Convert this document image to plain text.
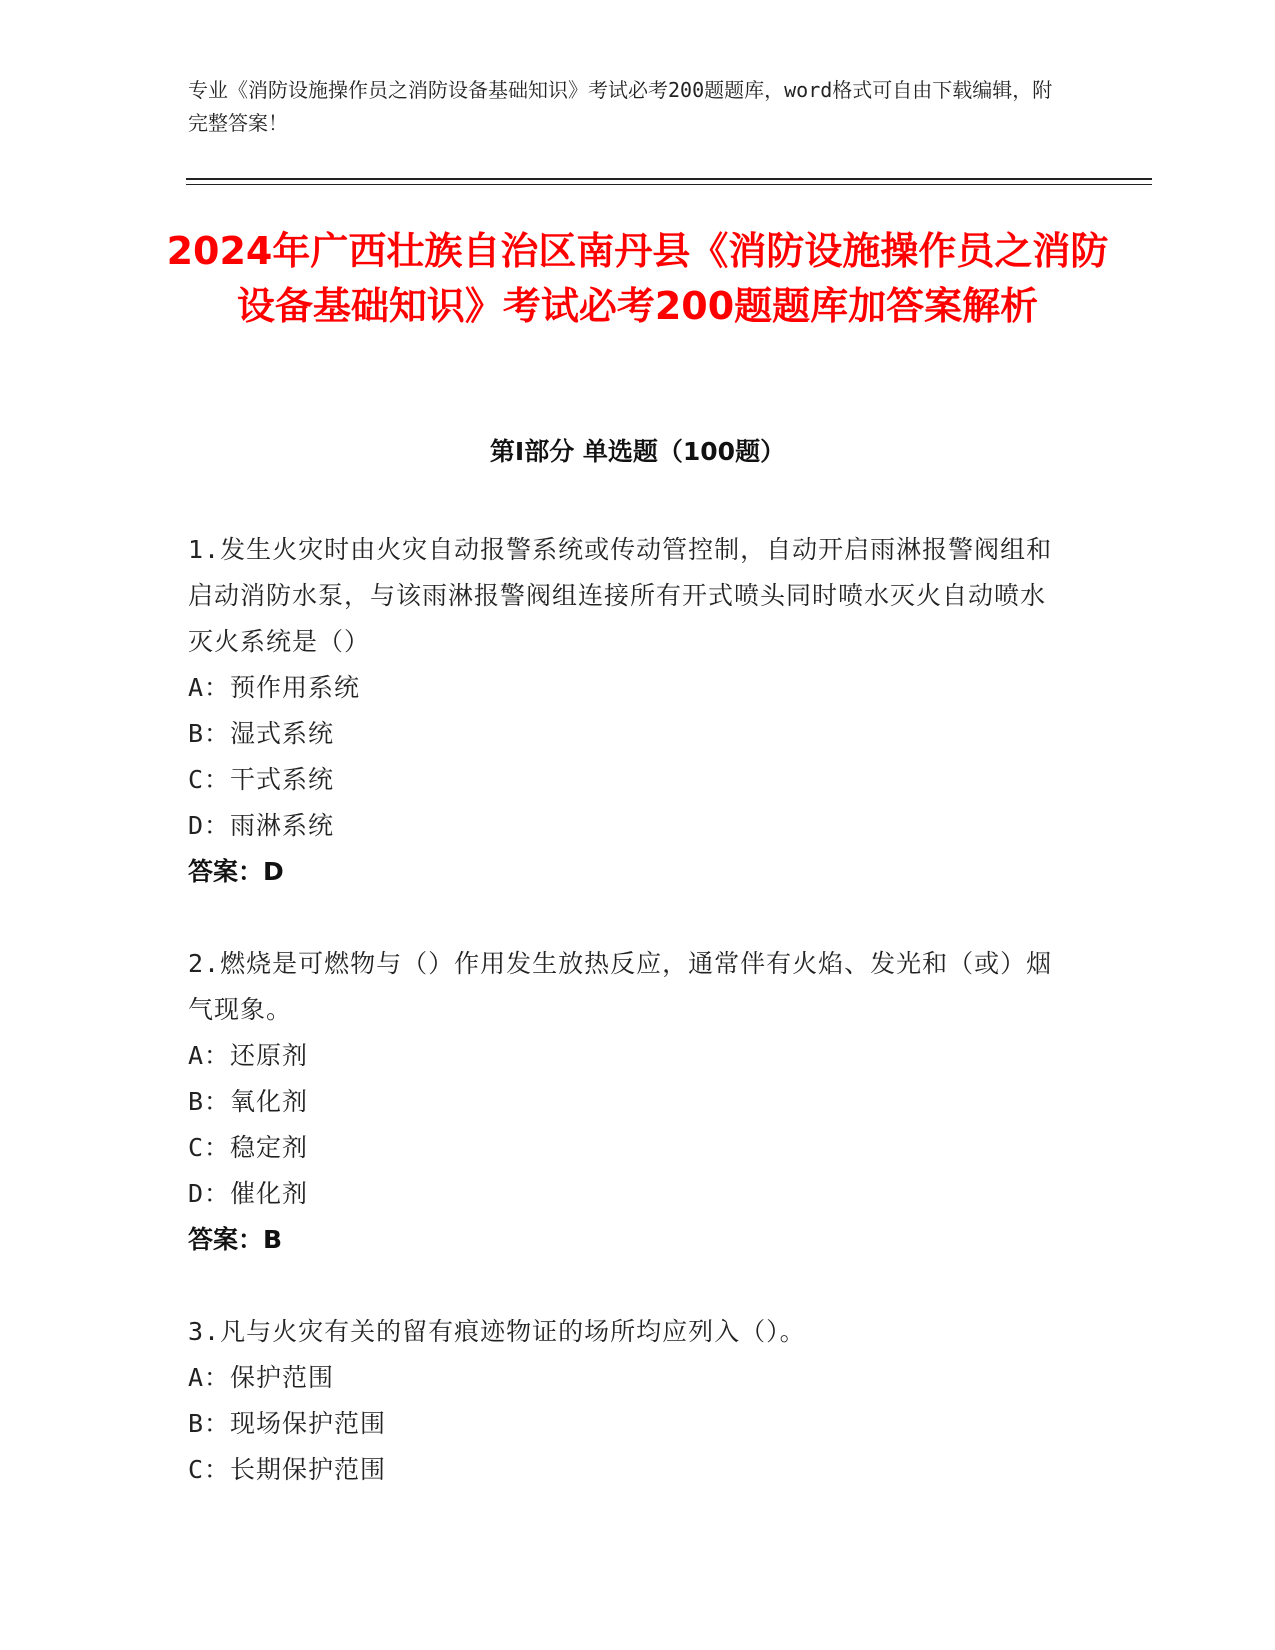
专业《消防设施操作员之消防设备基础知识》考试必考200题题库，word格式可自由下载编辑，附完整答案！
2024年广西壮族自治区南丹县《消防设施操作员之消防设备基础知识》考试必考200题题库加答案解析
第Ⅰ部分 单选题（100题）
1.发生火灾时由火灾自动报警系统或传动管控制，自动开启雨淋报警阀组和启动消防水泵，与该雨淋报警阀组连接所有开式喷头同时喷水灭火自动喷水灭火系统是（）
A：预作用系统
B：湿式系统
C：干式系统
D：雨淋系统
答案：D
2.燃烧是可燃物与（）作用发生放热反应，通常伴有火焰、发光和（或）烟气现象。
A：还原剂
B：氧化剂
C：稳定剂
D：催化剂
答案：B
3.凡与火灾有关的留有痕迹物证的场所均应列入（）。
A：保护范围
B：现场保护范围
C：长期保护范围
